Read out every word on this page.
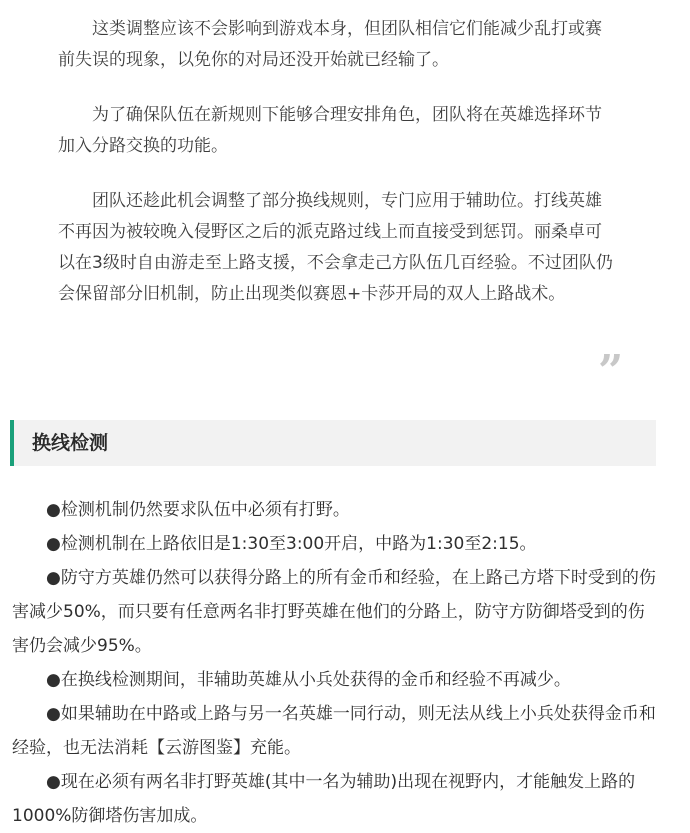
这类调整应该不会影响到游戏本身，但团队相信它们能减少乱打或赛前失误的现象，以免你的对局还没开始就已经输了。

为了确保队伍在新规则下能够合理安排角色，团队将在英雄选择环节加入分路交换的功能。

团队还趁此机会调整了部分换线规则，专门应用于辅助位。打线英雄不再因为被较晚入侵野区之后的派克路过线上而直接受到惩罚。丽桑卓可以在3级时自由游走至上路支援，不会拿走己方队伍几百经验。不过团队仍会保留部分旧机制，防止出现类似赛恩+卡莎开局的双人上路战术。

”
换线检测

●检测机制仍然要求队伍中必须有打野。

●检测机制在上路依旧是1:30至3:00开启，中路为1:30至2:15。

●防守方英雄仍然可以获得分路上的所有金币和经验，在上路己方塔下时受到的伤害减少50%，而只要有任意两名非打野英雄在他们的分路上，防守方防御塔受到的伤害仍会减少95%。

●在换线检测期间，非辅助英雄从小兵处获得的金币和经验不再减少。

●如果辅助在中路或上路与另一名英雄一同行动，则无法从线上小兵处获得金币和经验，也无法消耗【云游图鉴】充能。

●现在必须有两名非打野英雄(其中一名为辅助)出现在视野内，才能触发上路的1000%防御塔伤害加成。
